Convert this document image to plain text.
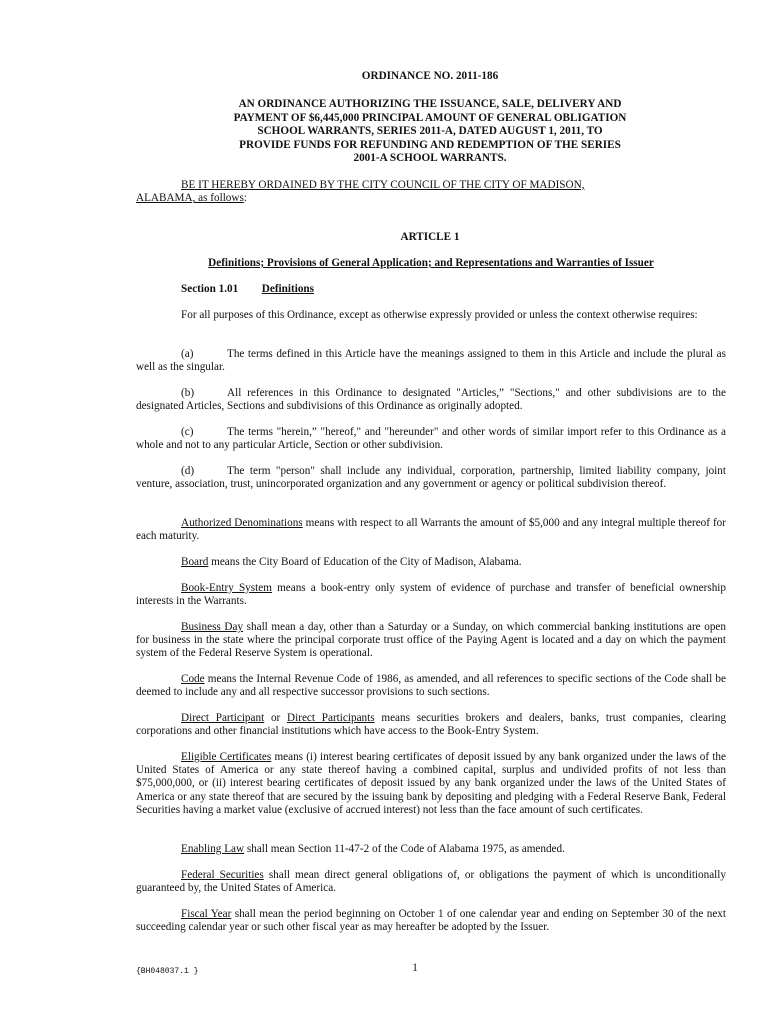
ORDINANCE NO. 2011-186
AN ORDINANCE AUTHORIZING THE ISSUANCE, SALE, DELIVERY AND
PAYMENT OF $6,445,000 PRINCIPAL AMOUNT OF GENERAL OBLIGATION
SCHOOL WARRANTS, SERIES 2011-A, DATED AUGUST 1, 2011, TO
PROVIDE FUNDS FOR REFUNDING AND REDEMPTION OF THE SERIES
2001-A SCHOOL WARRANTS.
BE IT HEREBY ORDAINED BY THE CITY COUNCIL OF THE CITY OF MADISON,
ALABAMA, as follows:
ARTICLE 1
Definitions; Provisions of General Application; and Representations and Warranties of Issuer
Section 1.01 Definitions
For all purposes of this Ordinance, except as otherwise expressly provided or unless the context otherwise requires:
(a)	The terms defined in this Article have the meanings assigned to them in this Article and include the plural as well as the singular.
(b)	All references in this Ordinance to designated "Articles,” "Sections," and other subdivisions are to the designated Articles, Sections and subdivisions of this Ordinance as originally adopted.
(c)	The terms "herein,” "hereof," and "hereunder" and other words of similar import refer to this Ordinance as a whole and not to any particular Article, Section or other subdivision.
(d)	The term "person" shall include any individual, corporation, partnership, limited liability company, joint venture, association, trust, unincorporated organization and any government or agency or political subdivision thereof.
Authorized Denominations means with respect to all Warrants the amount of $5,000 and any integral multiple thereof for each maturity.
Board means the City Board of Education of the City of Madison, Alabama.
Book-Entry System means a book-entry only system of evidence of purchase and transfer of beneficial ownership interests in the Warrants.
Business Day shall mean a day, other than a Saturday or a Sunday, on which commercial banking institutions are open for business in the state where the principal corporate trust office of the Paying Agent is located and a day on which the payment system of the Federal Reserve System is operational.
Code means the Internal Revenue Code of 1986, as amended, and all references to specific sections of the Code shall be deemed to include any and all respective successor provisions to such sections.
Direct Participant or Direct Participants means securities brokers and dealers, banks, trust companies, clearing corporations and other financial institutions which have access to the Book-Entry System.
Eligible Certificates means (i) interest bearing certificates of deposit issued by any bank organized under the laws of the United States of America or any state thereof having a combined capital, surplus and undivided profits of not less than $75,000,000, or (ii) interest bearing certificates of deposit issued by any bank organized under the laws of the United States of America or any state thereof that are secured by the issuing bank by depositing and pledging with a Federal Reserve Bank, Federal Securities having a market value (exclusive of accrued interest) not less than the face amount of such certificates.
Enabling Law shall mean Section 11-47-2 of the Code of Alabama 1975, as amended.
Federal Securities shall mean direct general obligations of, or obligations the payment of which is unconditionally guaranteed by, the United States of America.
Fiscal Year shall mean the period beginning on October 1 of one calendar year and ending on September 30 of the next succeeding calendar year or such other fiscal year as may hereafter be adopted by the Issuer.
{BH048037.1 }	1
